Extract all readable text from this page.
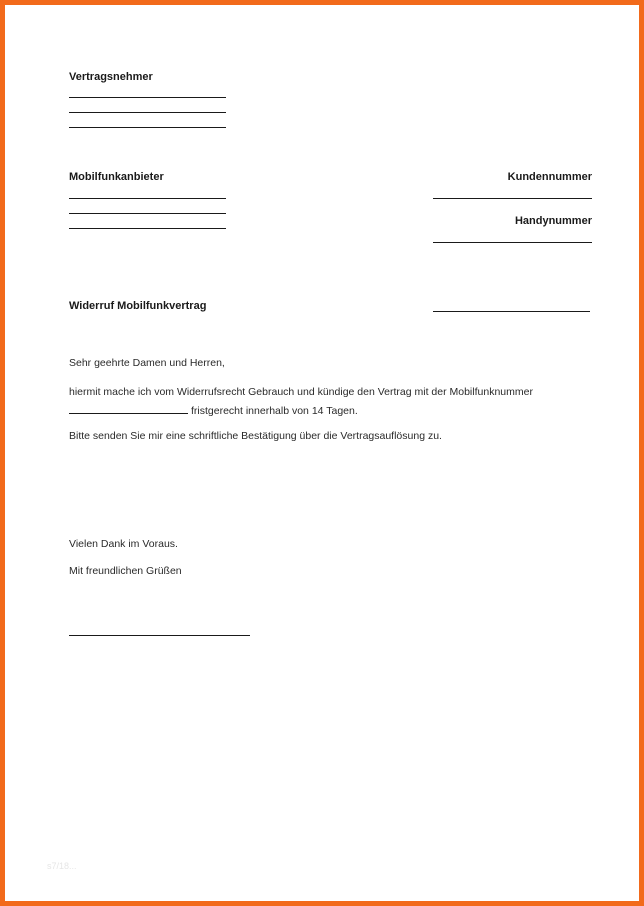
Vertragsnehmer
Mobilfunkanbieter	Kundennummer
Handynummer
Widerruf Mobilfunkvertrag
Sehr geehrte Damen und Herren,
hiermit mache ich vom Widerrufsrecht Gebrauch und kündige den Vertrag mit der Mobilfunknummer
fristgerecht innerhalb von 14 Tagen.
Bitte senden Sie mir eine schriftliche Bestätigung über die Vertragsauflösung zu.
Vielen Dank im Voraus.
Mit freundlichen Grüßen
s7/18...
